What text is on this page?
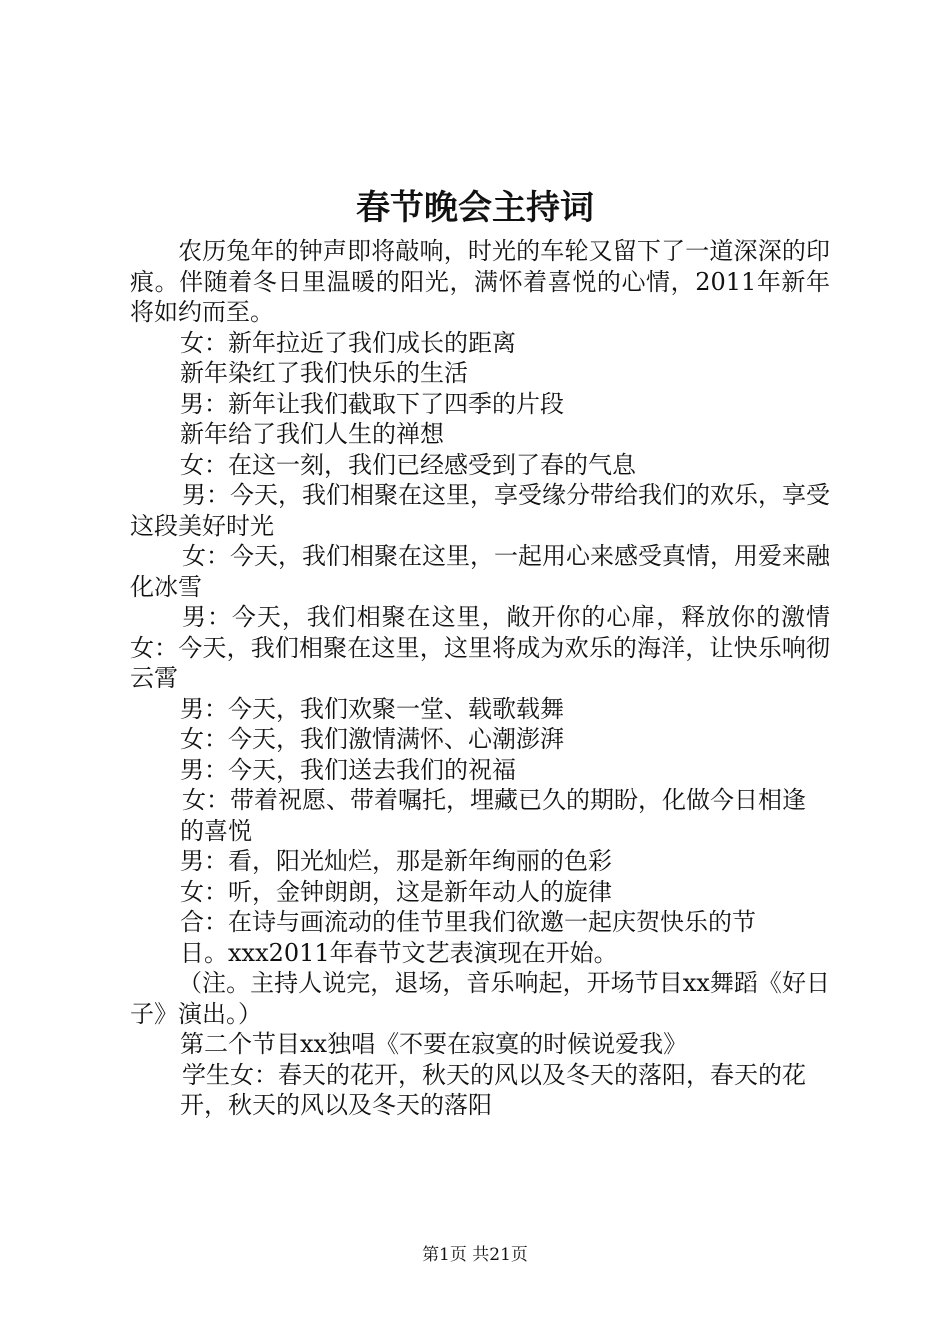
春节晚会主持词

农历兔年的钟声即将敲响，时光的车轮又留下了一道深深的印痕。伴随着冬日里温暖的阳光，满怀着喜悦的心情，2011年新年将如约而至。

女：新年拉近了我们成长的距离

新年染红了我们快乐的生活

男：新年让我们截取下了四季的片段

新年给了我们人生的禅想

女：在这一刻，我们已经感受到了春的气息

男：今天，我们相聚在这里，享受缘分带给我们的欢乐，享受这段美好时光

女：今天，我们相聚在这里，一起用心来感受真情，用爱来融化冰雪

男：今天，我们相聚在这里，敞开你的心扉，释放你的激情女：今天，我们相聚在这里，这里将成为欢乐的海洋，让快乐响彻云霄

男：今天，我们欢聚一堂、载歌载舞

女：今天，我们激情满怀、心潮澎湃

男：今天，我们送去我们的祝福

女：带着祝愿、带着嘱托，埋藏已久的期盼，化做今日相逢

的喜悦

男：看，阳光灿烂，那是新年绚丽的色彩

女：听，金钟朗朗，这是新年动人的旋律

合：在诗与画流动的佳节里我们欲邀一起庆贺快乐的节

日。xxx2011年春节文艺表演现在开始。

（注。主持人说完，退场，音乐响起，开场节目xx舞蹈《好日子》演出。）

第二个节目xx独唱《不要在寂寞的时候说爱我》

学生女：春天的花开，秋天的风以及冬天的落阳，春天的花

开，秋天的风以及冬天的落阳

第1页 共21页
